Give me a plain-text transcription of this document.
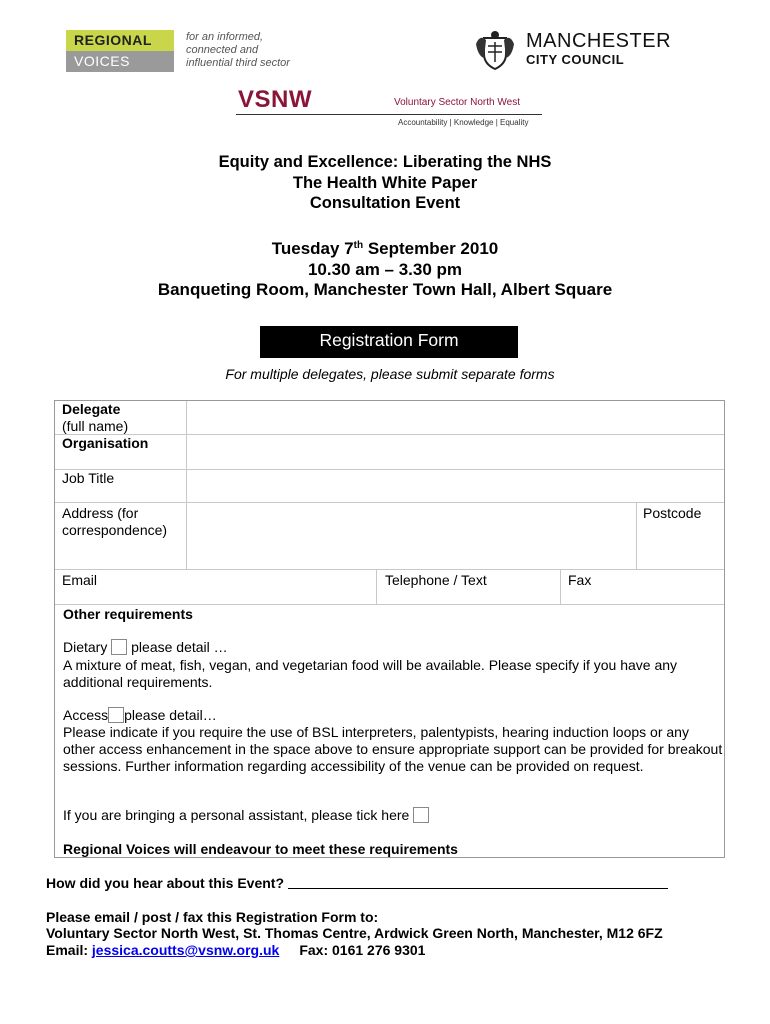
REGIONAL
VOICES
for an informed,
connected and
influential third sector
MANCHESTER
CITY COUNCIL
VSNW	Voluntary Sector North West
Accountability | Knowledge | Equality
Equity and Excellence: Liberating the NHS
The Health White Paper
Consultation Event
Tuesday 7th September 2010
10.30 am – 3.30 pm
Banqueting Room, Manchester Town Hall, Albert Square
Registration Form
For multiple delegates, please submit separate forms
Delegate
(full name)
Organisation
Job Title
Address (for
correspondence)
Postcode
Email	Telephone / Text	Fax
Other requirements
Dietary please detail …
A mixture of meat, fish, vegan, and vegetarian food will be available. Please specify if you have any additional requirements.
Access please detail…
Please indicate if you require the use of BSL interpreters, palentypists, hearing induction loops or any other access enhancement in the space above to ensure appropriate support can be provided for breakout sessions. Further information regarding accessibility of the venue can be provided on request.
If you are bringing a personal assistant, please tick here
Regional Voices will endeavour to meet these requirements
How did you hear about this Event?
Please email / post / fax this Registration Form to:
Voluntary Sector North West, St. Thomas Centre, Ardwick Green North, Manchester, M12 6FZ
Email: jessica.coutts@vsnw.org.uk Fax: 0161 276 9301
